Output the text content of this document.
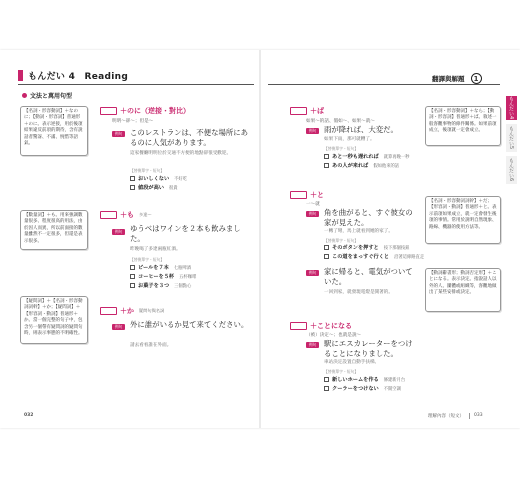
もんだい 4　Reading	翻譯與解題	1
文法と萬用句型	もんだい4
もんだい5
もんだい6
【名詞・形容動詞】＋なのに；【動詞・形容詞】普通形＋のに。表示逆接，用於後項結果違反前項的期待，含有說話者驚訝、不滿、惋惜等語氣。
【數量詞】＋も。用來強調數量很多、程度很高的用法，由於因人而異，所以前面接的數量雖然不一定很多，但還是表示很多。
【疑問詞】＋【名詞・形容動詞詞幹】＋か；【疑問詞】＋【形容詞・動詞】普通形＋か。當一個完整的句子中，包含另一個帶有疑問詞的疑問句時，則表示事態的不明確性。
＋のに（逆接・對比）
明明～卻～；但是～
例句	このレストランは、不便な場所にあるのに人気があります。
這家餐廳明明位於交通不方便的地點卻很受歡迎。
【替換單字・短句】
おいしくない 不好吃
値段が高い 很貴
＋も 多達～
例句	ゆうべはワインを２本も飲みました。
昨晚喝了多達兩瓶紅酒。
【替換單字・短句】
ビールを７本 七瓶啤酒
コーヒーを５杯 五杯咖啡
お菓子を３つ 三個點心
＋か 疑問句與名詞
例句	外に誰がいるか見て来てください。
請去看看誰在外面。
032
【名詞・形容動詞】＋なら；【動詞・形容詞】普通形＋ば。敘述一般客觀事物的條件關係。如果前項成立，後項就一定會成立。
【名詞・形容動詞詞幹】＋だ；【形容詞・動詞】普通形＋と。表示前項如果成立，就一定會發生後項的事情。常用於說明自然現象、路線、機器的使用方法等。
【動詞辭書形；動詞否定形】＋ことになる。表示決定。指說話人以外的人、團體或組織等，客觀地做出了某些安排或決定。
＋ば
如果～的話、假如～、如果～就～
例句	雨が降れば、大変だ。
如果下雨，那可就糟了。
【替換單字・短句】
あと一秒も遅れれば 就算再晚一秒
あの人が来れば 假如他來的話
＋と
一～就
例句	角を曲がると、すぐ彼女の家が見えた。
一轉了彎，馬上就看到她的家了。
【替換單字・短句】
そのボタンを押すと 按下那個按鈕
この道をまっすぐ行くと 沿著這條路直走
例句	家に帰ると、電気がついていた。
一回到家，就發現電燈是開著的。
＋ことになる
（被）決定～；也就是說～
例句	駅にエスカレーターをつけることになりました。
車站決定設置自動手扶梯。
【替換單字・短句】
新しいホームを作る 修建新月台
クーラーをつけない 不開空調
理解內容（短文）	033
